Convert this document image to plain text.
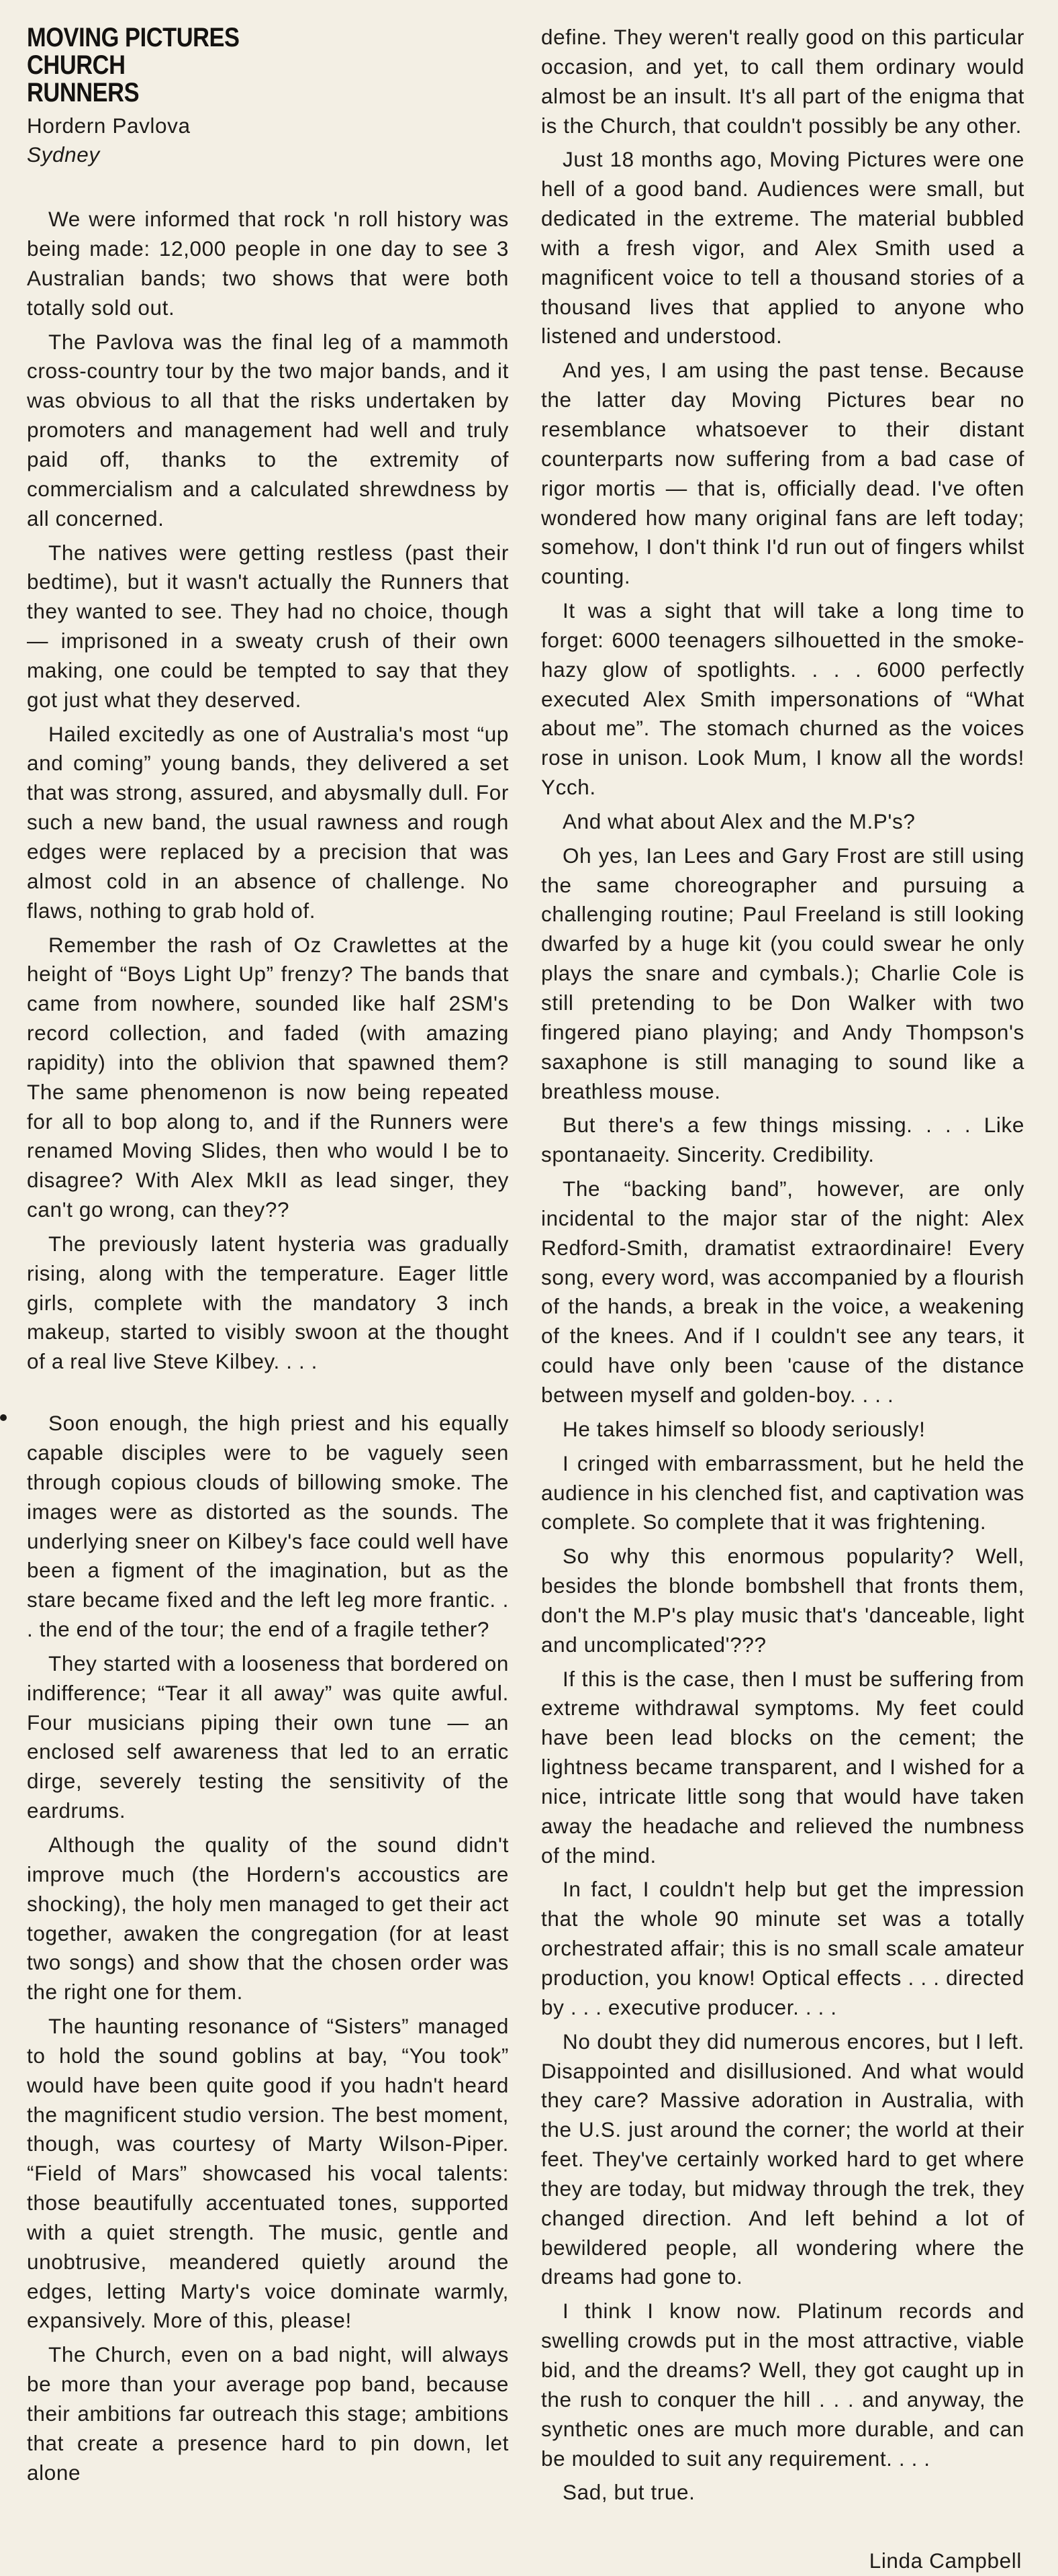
MOVING PICTURES
CHURCH
RUNNERS
Hordern Pavlova
Sydney

We were informed that rock 'n roll history was being made: 12,000 people in one day to see 3 Australian bands; two shows that were both totally sold out.

The Pavlova was the final leg of a mammoth cross-country tour by the two major bands, and it was obvious to all that the risks undertaken by promoters and management had well and truly paid off, thanks to the extremity of commercialism and a calculated shrewdness by all concerned.

The natives were getting restless (past their bedtime), but it wasn't actually the Runners that they wanted to see. They had no choice, though — imprisoned in a sweaty crush of their own making, one could be tempted to say that they got just what they deserved.

Hailed excitedly as one of Australia's most “up and coming” young bands, they delivered a set that was strong, assured, and abysmally dull. For such a new band, the usual rawness and rough edges were replaced by a precision that was almost cold in an absence of challenge. No flaws, nothing to grab hold of.

Remember the rash of Oz Crawlettes at the height of “Boys Light Up” frenzy? The bands that came from nowhere, sounded like half 2SM's record collection, and faded (with amazing rapidity) into the oblivion that spawned them? The same phenomenon is now being repeated for all to bop along to, and if the Runners were renamed Moving Slides, then who would I be to disagree? With Alex MkII as lead singer, they can't go wrong, can they??

The previously latent hysteria was gradually rising, along with the temperature. Eager little girls, complete with the mandatory 3 inch makeup, started to visibly swoon at the thought of a real live Steve Kilbey. . . .

Soon enough, the high priest and his equally capable disciples were to be vaguely seen through copious clouds of billowing smoke. The images were as distorted as the sounds. The underlying sneer on Kilbey's face could well have been a figment of the imagination, but as the stare became fixed and the left leg more frantic. . . the end of the tour; the end of a fragile tether?

They started with a looseness that bordered on indifference; “Tear it all away” was quite awful. Four musicians piping their own tune — an enclosed self awareness that led to an erratic dirge, severely testing the sensitivity of the eardrums.

Although the quality of the sound didn't improve much (the Hordern's accoustics are shocking), the holy men managed to get their act together, awaken the congregation (for at least two songs) and show that the chosen order was the right one for them.

The haunting resonance of “Sisters” managed to hold the sound goblins at bay, “You took” would have been quite good if you hadn't heard the magnificent studio version. The best moment, though, was courtesy of Marty Wilson-Piper. “Field of Mars” showcased his vocal talents: those beautifully accentuated tones, supported with a quiet strength. The music, gentle and unobtrusive, meandered quietly around the edges, letting Marty's voice dominate warmly, expansively. More of this, please!

The Church, even on a bad night, will always be more than your average pop band, because their ambitions far outreach this stage; ambitions that create a presence hard to pin down, let alone

define. They weren't really good on this particular occasion, and yet, to call them ordinary would almost be an insult. It's all part of the enigma that is the Church, that couldn't possibly be any other.

Just 18 months ago, Moving Pictures were one hell of a good band. Audiences were small, but dedicated in the extreme. The material bubbled with a fresh vigor, and Alex Smith used a magnificent voice to tell a thousand stories of a thousand lives that applied to anyone who listened and understood.

And yes, I am using the past tense. Because the latter day Moving Pictures bear no resemblance whatsoever to their distant counterparts now suffering from a bad case of rigor mortis — that is, officially dead. I've often wondered how many original fans are left today; somehow, I don't think I'd run out of fingers whilst counting.

It was a sight that will take a long time to forget: 6000 teenagers silhouetted in the smoke-hazy glow of spotlights. . . . 6000 perfectly executed Alex Smith impersonations of “What about me”. The stomach churned as the voices rose in unison. Look Mum, I know all the words! Ycch.

And what about Alex and the M.P's?

Oh yes, Ian Lees and Gary Frost are still using the same choreographer and pursuing a challenging routine; Paul Freeland is still looking dwarfed by a huge kit (you could swear he only plays the snare and cymbals.); Charlie Cole is still pretending to be Don Walker with two fingered piano playing; and Andy Thompson's saxaphone is still managing to sound like a breathless mouse.

But there's a few things missing. . . . Like spontanaeity. Sincerity. Credibility.

The “backing band”, however, are only incidental to the major star of the night: Alex Redford-Smith, dramatist extraordinaire! Every song, every word, was accompanied by a flourish of the hands, a break in the voice, a weakening of the knees. And if I couldn't see any tears, it could have only been 'cause of the distance between myself and golden-boy. . . .

He takes himself so bloody seriously!

I cringed with embarrassment, but he held the audience in his clenched fist, and captivation was complete. So complete that it was frightening.

So why this enormous popularity? Well, besides the blonde bombshell that fronts them, don't the M.P's play music that's 'danceable, light and uncomplicated'???

If this is the case, then I must be suffering from extreme withdrawal symptoms. My feet could have been lead blocks on the cement; the lightness became transparent, and I wished for a nice, intricate little song that would have taken away the headache and relieved the numbness of the mind.

In fact, I couldn't help but get the impression that the whole 90 minute set was a totally orchestrated affair; this is no small scale amateur production, you know! Optical effects . . . directed by . . . executive producer. . . .

No doubt they did numerous encores, but I left. Disappointed and disillusioned. And what would they care? Massive adoration in Australia, with the U.S. just around the corner; the world at their feet. They've certainly worked hard to get where they are today, but midway through the trek, they changed direction. And left behind a lot of bewildered people, all wondering where the dreams had gone to.

I think I know now. Platinum records and swelling crowds put in the most attractive, viable bid, and the dreams? Well, they got caught up in the rush to conquer the hill . . . and anyway, the synthetic ones are much more durable, and can be moulded to suit any requirement. . . .

Sad, but true.

Linda Campbell
